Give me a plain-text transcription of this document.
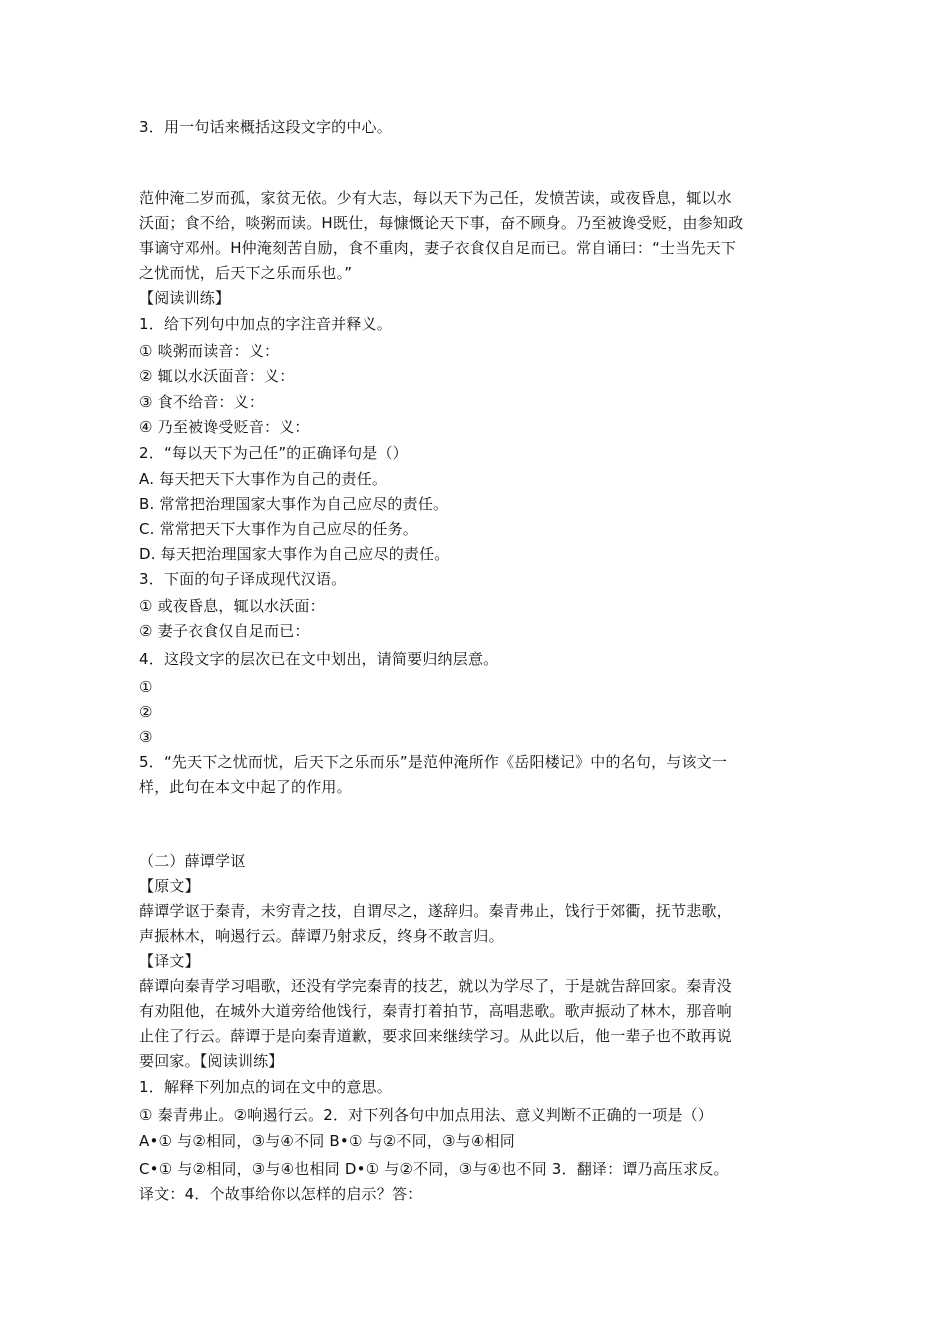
3．用一句话来概括这段文字的中心。
范仲淹二岁而孤，家贫无依。少有大志，每以天下为己任，发愤苦读，或夜昏息，辄以水
沃面；食不给，啖粥而读。H既仕，每慷慨论天下事，奋不顾身。乃至被谗受贬，由参知政
事谪守邓州。H仲淹刻苦自励，食不重肉，妻子衣食仅自足而已。常自诵曰：“士当先天下
之忧而忧，后天下之乐而乐也。”
【阅读训练】
1．给下列句中加点的字注音并释义。
① 啖粥而读音：义：
② 辄以水沃面音：义：
③ 食不给音：义：
④ 乃至被谗受贬音：义：
2．“每以天下为己任”的正确译句是（）
A. 每天把天下大事作为自己的责任。
B. 常常把治理国家大事作为自己应尽的责任。
C. 常常把天下大事作为自己应尽的任务。
D. 每天把治理国家大事作为自己应尽的责任。
3．下面的句子译成现代汉语。
① 或夜昏息，辄以水沃面：
② 妻子衣食仅自足而已：
4．这段文字的层次已在文中划出，请简要归纳层意。
①
②
③
5．“先天下之忧而忧，后天下之乐而乐”是范仲淹所作《岳阳楼记》中的名句，与该文一
样，此句在本文中起了的作用。
（二）薛谭学讴
【原文】
薛谭学讴于秦青，未穷青之技，自谓尽之，遂辞归。秦青弗止，饯行于郊衢，抚节悲歌，
声振林木，响遏行云。薛谭乃射求反，终身不敢言归。
【译文】
薛谭向秦青学习唱歌，还没有学完秦青的技艺，就以为学尽了，于是就告辞回家。秦青没
有劝阻他，在城外大道旁给他饯行，秦青打着拍节，高唱悲歌。歌声振动了林木，那音响
止住了行云。薛谭于是向秦青道歉，要求回来继续学习。从此以后，他一辈子也不敢再说
要回家。【阅读训练】
1．解释下列加点的词在文中的意思。
① 秦青弗止。②响遏行云。2．对下列各句中加点用法、意义判断不正确的一项是（）
A•① 与②相同，③与④不同 B•① 与②不同，③与④相同
C•① 与②相同，③与④也相同 D•① 与②不同，③与④也不同 3．翻译：谭乃高压求反。
译文：4．个故事给你以怎样的启示？答：
